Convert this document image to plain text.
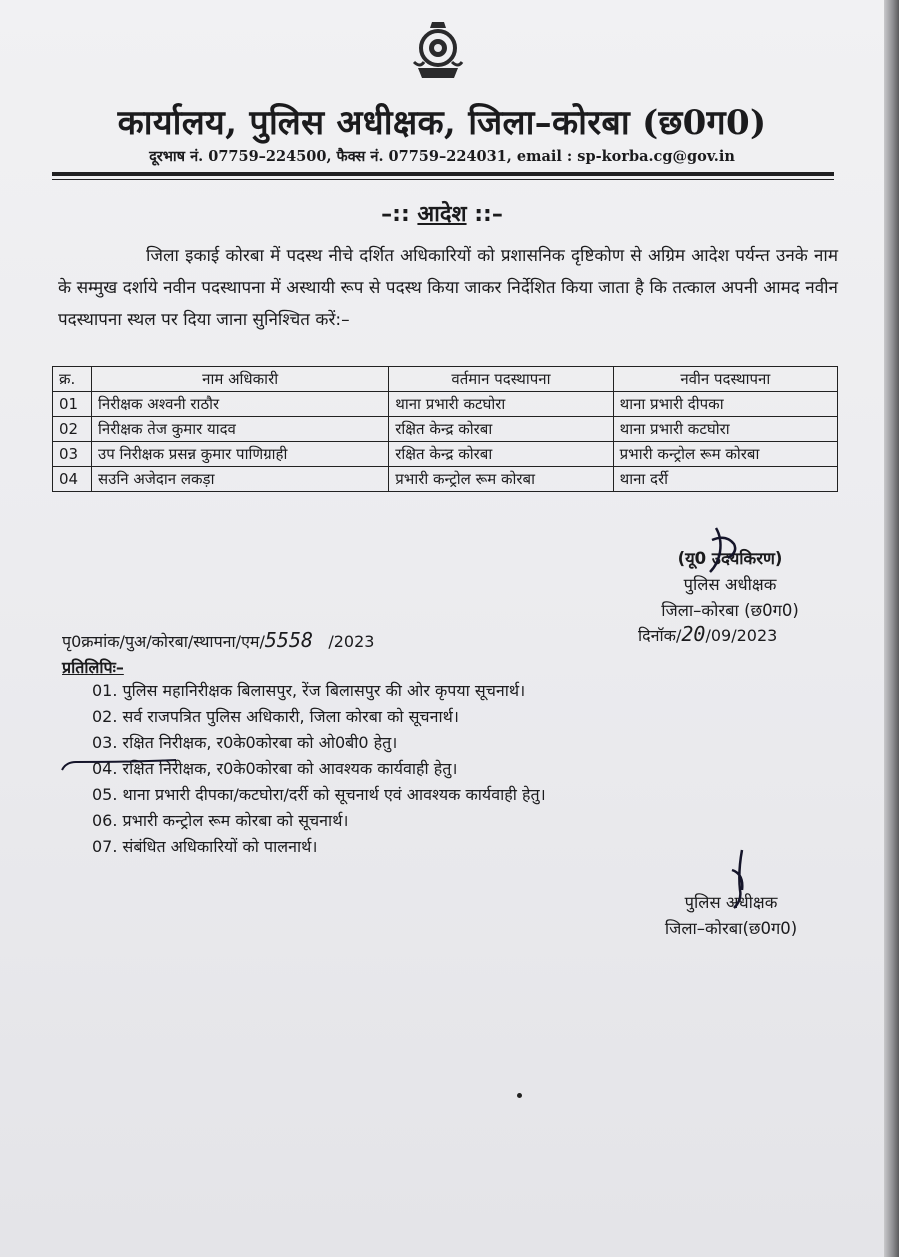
कार्यालय, पुलिस अधीक्षक, जिला–कोरबा (छ0ग0)
दूरभाष नं. 07759–224500, फैक्स नं. 07759–224031, email : sp-korba.cg@gov.in
–:: आदेश ::–
जिला इकाई कोरबा में पदस्थ नीचे दर्शित अधिकारियों को प्रशासनिक दृष्टिकोण से अग्रिम आदेश पर्यन्त उनके नाम के सम्मुख दर्शाये नवीन पदस्थापना में अस्थायी रूप से पदस्थ किया जाकर निर्देशित किया जाता है कि तत्काल अपनी आमद नवीन पदस्थापना स्थल पर दिया जाना सुनिश्चित करें:–
क्र.	नाम अधिकारी	वर्तमान पदस्थापना	नवीन पदस्थापना
01	निरीक्षक अश्वनी राठौर	थाना प्रभारी कटघोरा	थाना प्रभारी दीपका
02	निरीक्षक तेज कुमार यादव	रक्षित केन्द्र कोरबा	थाना प्रभारी कटघोरा
03	उप निरीक्षक प्रसन्न कुमार पाणिग्राही	रक्षित केन्द्र कोरबा	प्रभारी कन्ट्रोल रूम कोरबा
04	सउनि अजेदान लकड़ा	प्रभारी कन्ट्रोल रूम कोरबा	थाना दर्री
(यू0 उदयकिरण)
पुलिस अधीक्षक
जिला–कोरबा (छ0ग0)
पृ0क्रमांक/पुअ/कोरबा/स्थापना/एम/5558 /2023	दिनॉक/20/09/2023
प्रतिलिपिः–
01. पुलिस महानिरीक्षक बिलासपुर, रेंज बिलासपुर की ओर कृपया सूचनार्थ।
02. सर्व राजपत्रित पुलिस अधिकारी, जिला कोरबा को सूचनार्थ।
03. रक्षित निरीक्षक, र0के0कोरबा को ओ0बी0 हेतु।
04. रक्षित निरीक्षक, र0के0कोरबा को आवश्यक कार्यवाही हेतु।
05. थाना प्रभारी दीपका/कटघोरा/दर्री को सूचनार्थ एवं आवश्यक कार्यवाही हेतु।
06. प्रभारी कन्ट्रोल रूम कोरबा को सूचनार्थ।
07. संबंधित अधिकारियों को पालनार्थ।
पुलिस अधीक्षक
जिला–कोरबा(छ0ग0)
